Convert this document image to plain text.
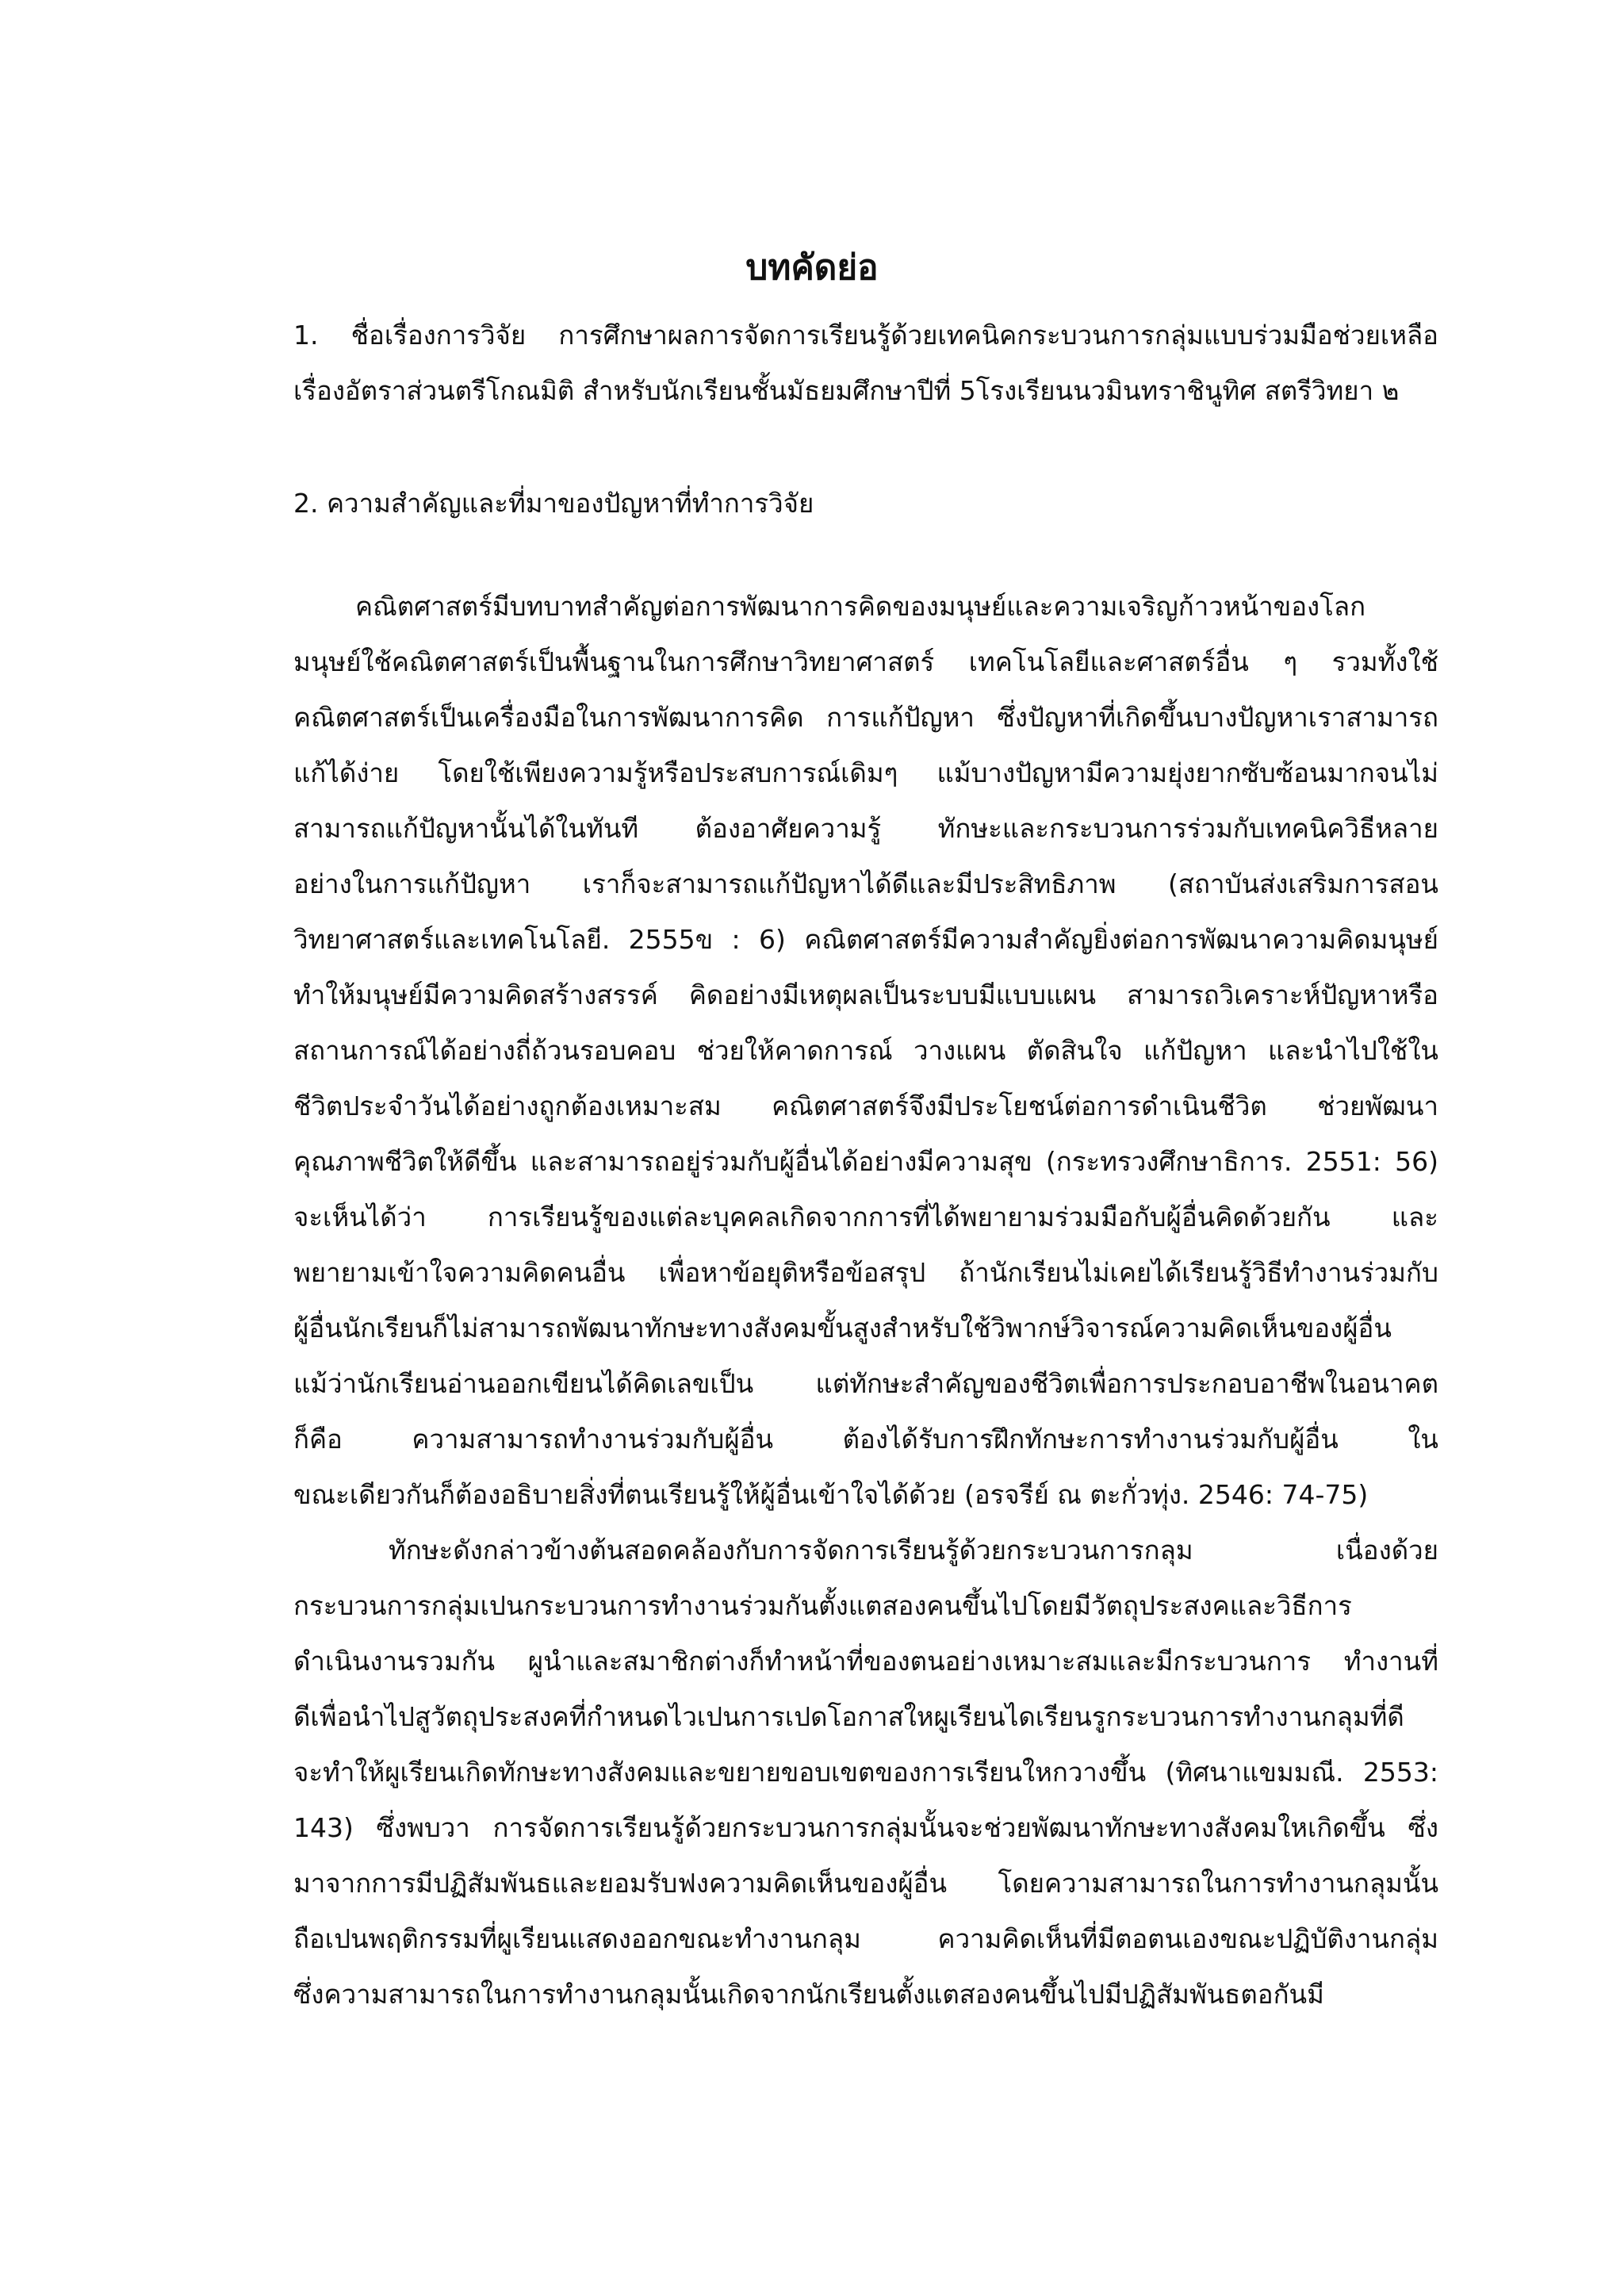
บทคัดย่อ

1. ชื่อเรื่องการวิจัย การศึกษาผลการจัดการเรียนรู้ด้วยเทคนิคกระบวนการกลุ่มแบบร่วมมือช่วยเหลือ

เรื่องอัตราส่วนตรีโกณมิติ สำหรับนักเรียนชั้นมัธยมศึกษาปีที่ 5โรงเรียนนวมินทราชินูทิศ สตรีวิทยา ๒

2. ความสำคัญและที่มาของปัญหาที่ทำการวิจัย

คณิตศาสตร์มีบทบาทสำคัญต่อการพัฒนาการคิดของมนุษย์และความเจริญก้าวหน้าของโลก

มนุษย์ใช้คณิตศาสตร์เป็นพื้นฐานในการศึกษาวิทยาศาสตร์ เทคโนโลยีและศาสตร์อื่น ๆ รวมทั้งใช้

คณิตศาสตร์เป็นเครื่องมือในการพัฒนาการคิด การแก้ปัญหา ซึ่งปัญหาที่เกิดขึ้นบางปัญหาเราสามารถ

แก้ได้ง่าย โดยใช้เพียงความรู้หรือประสบการณ์เดิมๆ แม้บางปัญหามีความยุ่งยากซับซ้อนมากจนไม่

สามารถแก้ปัญหานั้นได้ในทันที ต้องอาศัยความรู้ ทักษะและกระบวนการร่วมกับเทคนิควิธีหลาย

อย่างในการแก้ปัญหา เราก็จะสามารถแก้ปัญหาได้ดีและมีประสิทธิภาพ (สถาบันส่งเสริมการสอน

วิทยาศาสตร์และเทคโนโลยี. 2555ข : 6) คณิตศาสตร์มีความสำคัญยิ่งต่อการพัฒนาความคิดมนุษย์

ทำให้มนุษย์มีความคิดสร้างสรรค์ คิดอย่างมีเหตุผลเป็นระบบมีแบบแผน สามารถวิเคราะห์ปัญหาหรือ

สถานการณ์ได้อย่างถี่ถ้วนรอบคอบ ช่วยให้คาดการณ์ วางแผน ตัดสินใจ แก้ปัญหา และนำไปใช้ใน

ชีวิตประจำวันได้อย่างถูกต้องเหมาะสม คณิตศาสตร์จึงมีประโยชน์ต่อการดำเนินชีวิต ช่วยพัฒนา

คุณภาพชีวิตให้ดีขึ้น และสามารถอยู่ร่วมกับผู้อื่นได้อย่างมีความสุข (กระทรวงศึกษาธิการ. 2551: 56)

จะเห็นได้ว่า การเรียนรู้ของแต่ละบุคคลเกิดจากการที่ได้พยายามร่วมมือกับผู้อื่นคิดด้วยกัน และ

พยายามเข้าใจความคิดคนอื่น เพื่อหาข้อยุติหรือข้อสรุป ถ้านักเรียนไม่เคยได้เรียนรู้วิธีทำงานร่วมกับ

ผู้อื่นนักเรียนก็ไม่สามารถพัฒนาทักษะทางสังคมขั้นสูงสำหรับใช้วิพากษ์วิจารณ์ความคิดเห็นของผู้อื่น

แม้ว่านักเรียนอ่านออกเขียนได้คิดเลขเป็น แต่ทักษะสำคัญของชีวิตเพื่อการประกอบอาชีพในอนาคต

ก็คือ ความสามารถทำงานร่วมกับผู้อื่น ต้องได้รับการฝึกทักษะการทำงานร่วมกับผู้อื่น ใน

ขณะเดียวกันก็ต้องอธิบายสิ่งที่ตนเรียนรู้ให้ผู้อื่นเข้าใจได้ด้วย (อรจรีย์ ณ ตะกั่วทุ่ง. 2546: 74-75)

ทักษะดังกล่าวข้างต้นสอดคล้องกับการจัดการเรียนรู้ด้วยกระบวนการกลุม เนื่องด้วย

กระบวนการกลุ่มเปนกระบวนการทำงานร่วมกันตั้งแตสองคนขึ้นไปโดยมีวัตถุประสงคและวิธีการ

ดำเนินงานรวมกัน ผูนำและสมาชิกต่างก็ทำหน้าที่ของตนอย่างเหมาะสมและมีกระบวนการ ทำงานที่

ดีเพื่อนำไปสูวัตถุประสงคที่กำหนดไวเปนการเปดโอกาสใหผูเรียนไดเรียนรูกระบวนการทำงานกลุมที่ดี

จะทำให้ผูเรียนเกิดทักษะทางสังคมและขยายขอบเขตของการเรียนใหกวางขึ้น (ทิศนาแขมมณี. 2553:

143) ซึ่งพบวา การจัดการเรียนรู้ด้วยกระบวนการกลุ่มนั้นจะช่วยพัฒนาทักษะทางสังคมใหเกิดขึ้น ซึ่ง

มาจากการมีปฏิสัมพันธและยอมรับฟงความคิดเห็นของผู้อื่น โดยความสามารถในการทำงานกลุมนั้น

ถือเปนพฤติกรรมที่ผูเรียนแสดงออกขณะทำงานกลุม ความคิดเห็นที่มีตอตนเองขณะปฏิบัติงานกลุ่ม

ซึ่งความสามารถในการทำงานกลุมนั้นเกิดจากนักเรียนตั้งแตสองคนขึ้นไปมีปฏิสัมพันธตอกันมี
